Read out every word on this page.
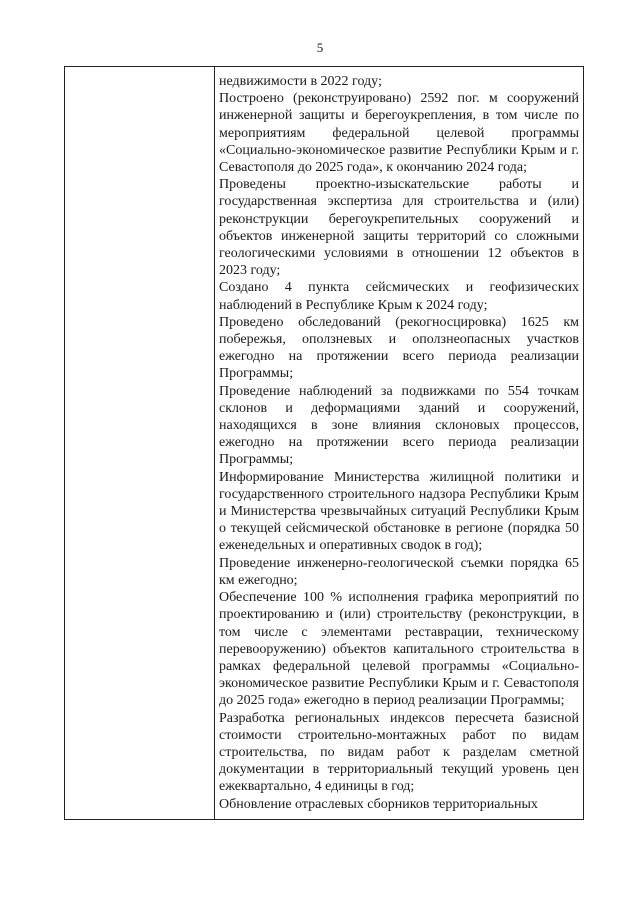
5

недвижимости в 2022 году;

Построено (реконструировано) 2592 пог. м сооружений инженерной защиты и берегоукрепления, в том числе по мероприятиям федеральной целевой программы «Социально-экономическое развитие Республики Крым и г. Севастополя до 2025 года», к окончанию 2024 года;

Проведены проектно-изыскательские работы и государственная экспертиза для строительства и (или) реконструкции берегоукрепительных сооружений и объектов инженерной защиты территорий со сложными геологическими условиями в отношении 12 объектов в 2023 году;

Создано 4 пункта сейсмических и геофизических наблюдений в Республике Крым к 2024 году;

Проведено обследований (рекогносцировка) 1625 км побережья, оползневых и оползнеопасных участков ежегодно на протяжении всего периода реализации Программы;

Проведение наблюдений за подвижками по 554 точкам склонов и деформациями зданий и сооружений, находящихся в зоне влияния склоновых процессов, ежегодно на протяжении всего периода реализации Программы;

Информирование Министерства жилищной политики и государственного строительного надзора Республики Крым и Министерства чрезвычайных ситуаций Республики Крым о текущей сейсмической обстановке в регионе (порядка 50 еженедельных и оперативных сводок в год);

Проведение инженерно-геологической съемки порядка 65 км ежегодно;

Обеспечение 100 % исполнения графика мероприятий по проектированию и (или) строительству (реконструкции, в том числе с элементами реставрации, техническому перевооружению) объектов капитального строительства в рамках федеральной целевой программы «Социально-экономическое развитие Республики Крым и г. Севастополя до 2025 года» ежегодно в период реализации Программы;

Разработка региональных индексов пересчета базисной стоимости строительно-монтажных работ по видам строительства, по видам работ к разделам сметной документации в территориальный текущий уровень цен ежеквартально, 4 единицы в год;

Обновление отраслевых сборников территориальных
